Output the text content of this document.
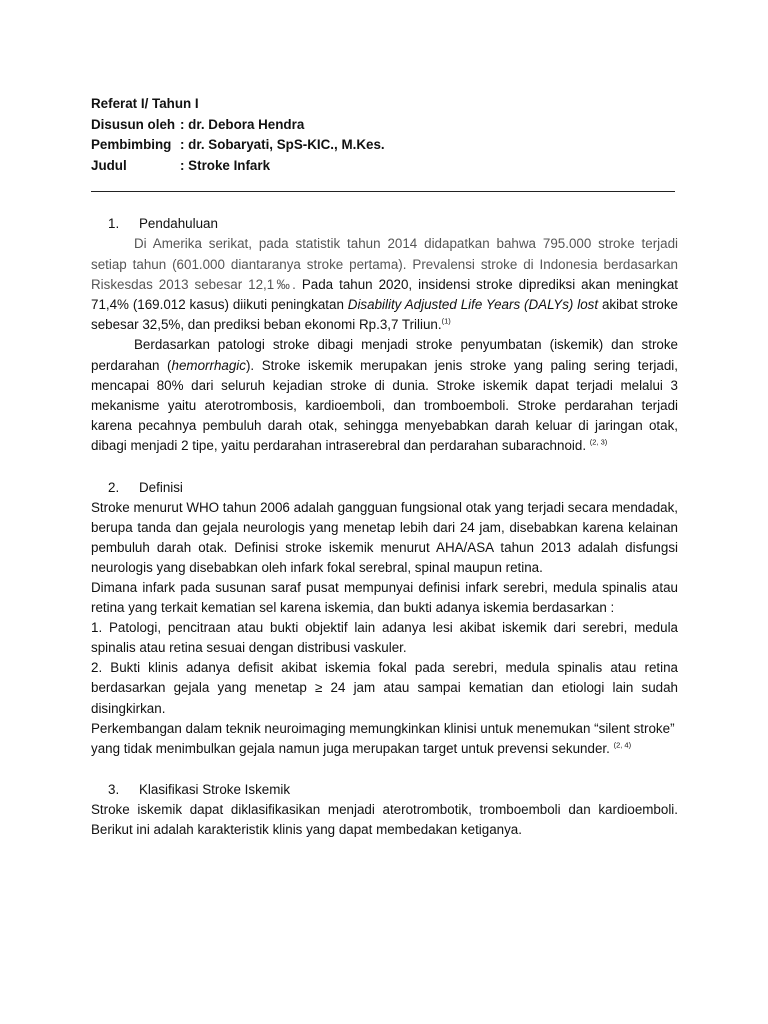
Referat I/ Tahun I
Disusun oleh : dr. Debora Hendra
Pembimbing : dr. Sobaryati, SpS-KIC., M.Kes.
Judul	: Stroke Infark
1.	Pendahuluan

Di Amerika serikat, pada statistik tahun 2014 didapatkan bahwa 795.000 stroke terjadi setiap tahun (601.000 diantaranya stroke pertama). Prevalensi stroke di Indonesia berdasarkan Riskesdas 2013 sebesar 12,1‰. Pada tahun 2020, insidensi stroke diprediksi akan meningkat 71,4% (169.012 kasus) diikuti peningkatan Disability Adjusted Life Years (DALYs) lost akibat stroke sebesar 32,5%, dan prediksi beban ekonomi Rp.3,7 Triliun.$^{(1)}$

Berdasarkan patologi stroke dibagi menjadi stroke penyumbatan (iskemik) dan stroke perdarahan (hemorrhagic). Stroke iskemik merupakan jenis stroke yang paling sering terjadi, mencapai 80% dari seluruh kejadian stroke di dunia. Stroke iskemik dapat terjadi melalui 3 mekanisme yaitu aterotrombosis, kardioemboli, dan tromboemboli. Stroke perdarahan terjadi karena pecahnya pembuluh darah otak, sehingga menyebabkan darah keluar di jaringan otak, dibagi menjadi 2 tipe, yaitu perdarahan intraserebral dan perdarahan subarachnoid. $^{(2, 3)}$

2.	Definisi

Stroke menurut WHO tahun 2006 adalah gangguan fungsional otak yang terjadi secara mendadak, berupa tanda dan gejala neurologis yang menetap lebih dari 24 jam, disebabkan karena kelainan pembuluh darah otak. Definisi stroke iskemik menurut AHA/ASA tahun 2013 adalah disfungsi neurologis yang disebabkan oleh infark fokal serebral, spinal maupun retina.

Dimana infark pada susunan saraf pusat mempunyai definisi infark serebri, medula spinalis atau retina yang terkait kematian sel karena iskemia, dan bukti adanya iskemia berdasarkan :

1. Patologi, pencitraan atau bukti objektif lain adanya lesi akibat iskemik dari serebri, medula spinalis atau retina sesuai dengan distribusi vaskuler.

2. Bukti klinis adanya defisit akibat iskemia fokal pada serebri, medula spinalis atau retina berdasarkan gejala yang menetap ≥ 24 jam atau sampai kematian dan etiologi lain sudah disingkirkan.

Perkembangan dalam teknik neuroimaging memungkinkan klinisi untuk menemukan “silent stroke” yang tidak menimbulkan gejala namun juga merupakan target untuk prevensi sekunder. $^{(2, 4)}$

3.	Klasifikasi Stroke Iskemik

Stroke iskemik dapat diklasifikasikan menjadi aterotrombotik, tromboemboli dan kardioemboli. Berikut ini adalah karakteristik klinis yang dapat membedakan ketiganya.
